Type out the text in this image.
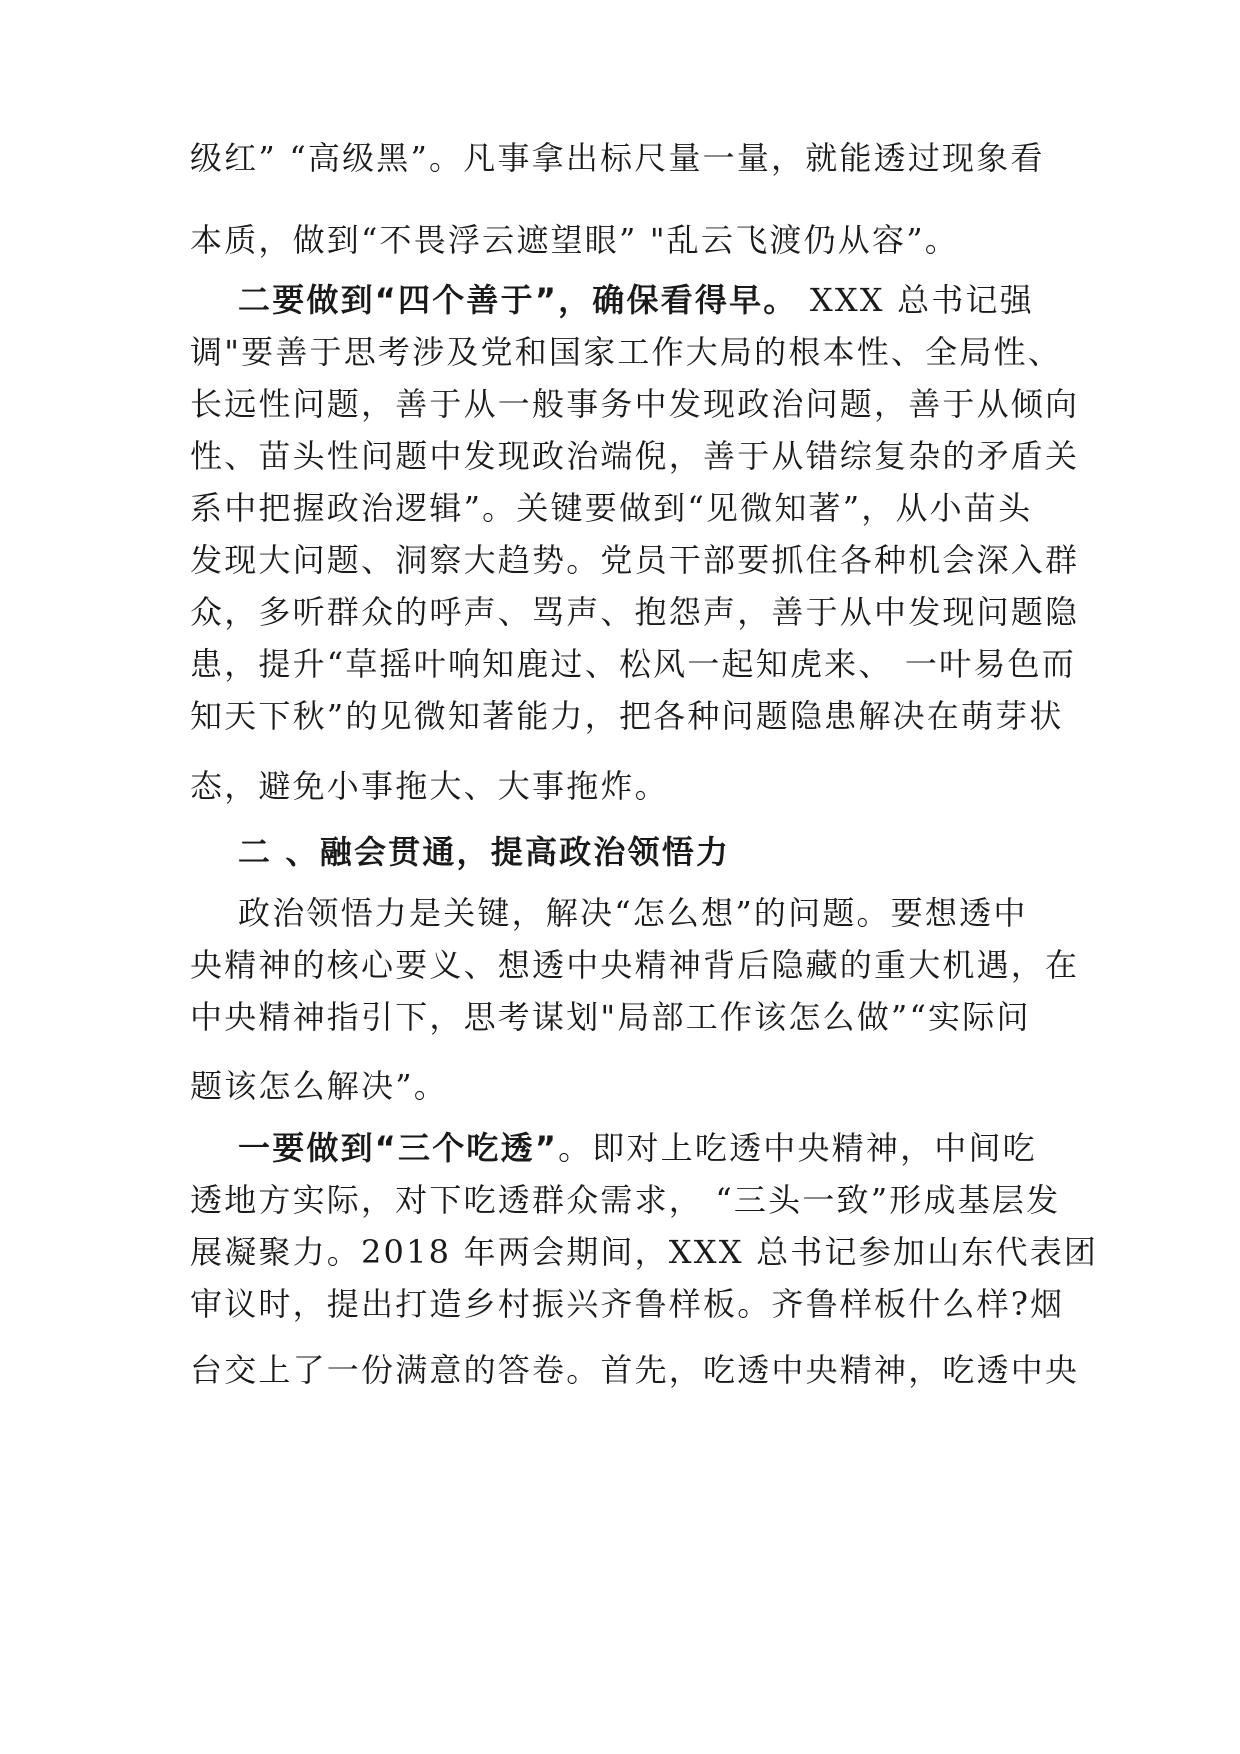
级红” “高级黑”。凡事拿出标尺量一量，就能透过现象看

本质，做到“不畏浮云遮望眼” "乱云飞渡仍从容”。

二要做到“四个善于”，确保看得早。 XXX 总书记强

调"要善于思考涉及党和国家工作大局的根本性、全局性、

长远性问题，善于从一般事务中发现政治问题，善于从倾向

性、苗头性问题中发现政治端倪，善于从错综复杂的矛盾关

系中把握政治逻辑”。关键要做到“见微知著”，从小苗头

发现大问题、洞察大趋势。党员干部要抓住各种机会深入群

众，多听群众的呼声、骂声、抱怨声，善于从中发现问题隐

患，提升“草摇叶响知鹿过、松风一起知虎来、 一叶易色而

知天下秋”的见微知著能力，把各种问题隐患解决在萌芽状

态，避免小事拖大、大事拖炸。

二 、融会贯通，提高政治领悟力

政治领悟力是关键，解决“怎么想”的问题。要想透中

央精神的核心要义、想透中央精神背后隐藏的重大机遇，在

中央精神指引下，思考谋划"局部工作该怎么做”“实际问

题该怎么解决”。

一要做到“三个吃透”。即对上吃透中央精神，中间吃

透地方实际，对下吃透群众需求， “三头一致”形成基层发

展凝聚力。2018 年两会期间，XXX 总书记参加山东代表团

审议时，提出打造乡村振兴齐鲁样板。齐鲁样板什么样?烟

台交上了一份满意的答卷。首先，吃透中央精神，吃透中央
